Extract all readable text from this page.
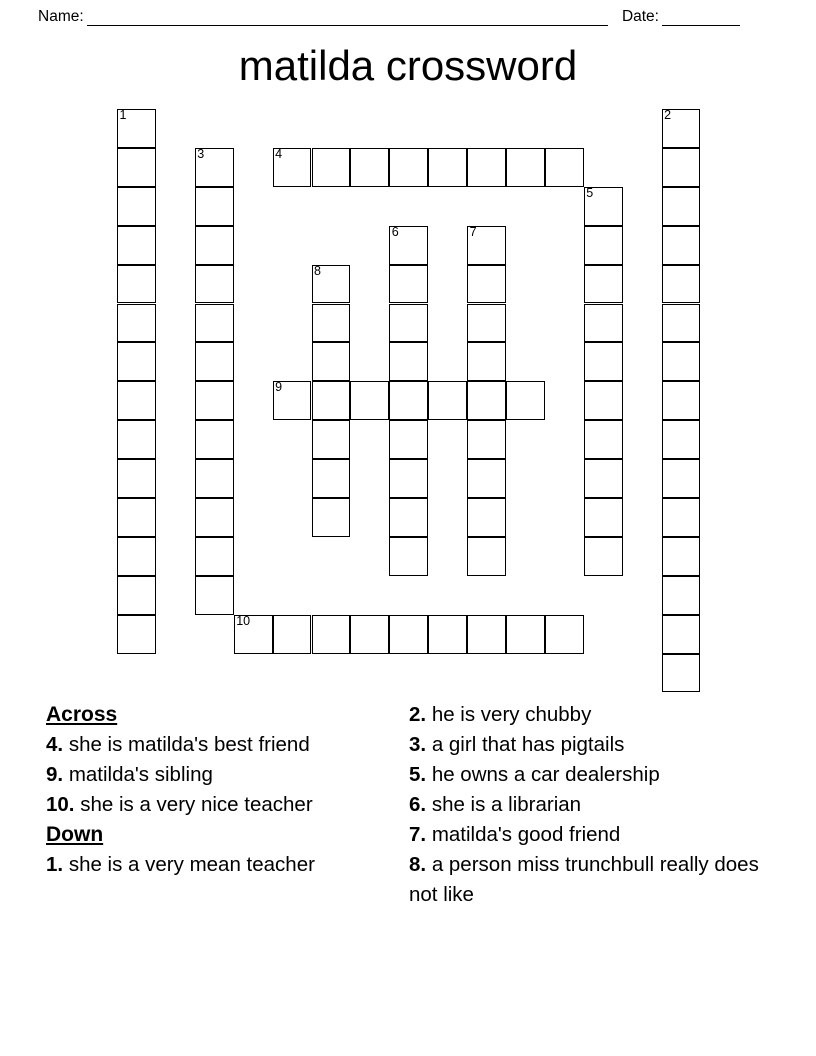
Name:	Date:
matilda crossword
1	2
3	4
5
6	7
8
9
10
Across
4. she is matilda's best friend
9. matilda's sibling
10. she is a very nice teacher
Down
1. she is a very mean teacher
2. he is very chubby
3. a girl that has pigtails
5. he owns a car dealership
6. she is a librarian
7. matilda's good friend
8. a person miss trunchbull really does not like
